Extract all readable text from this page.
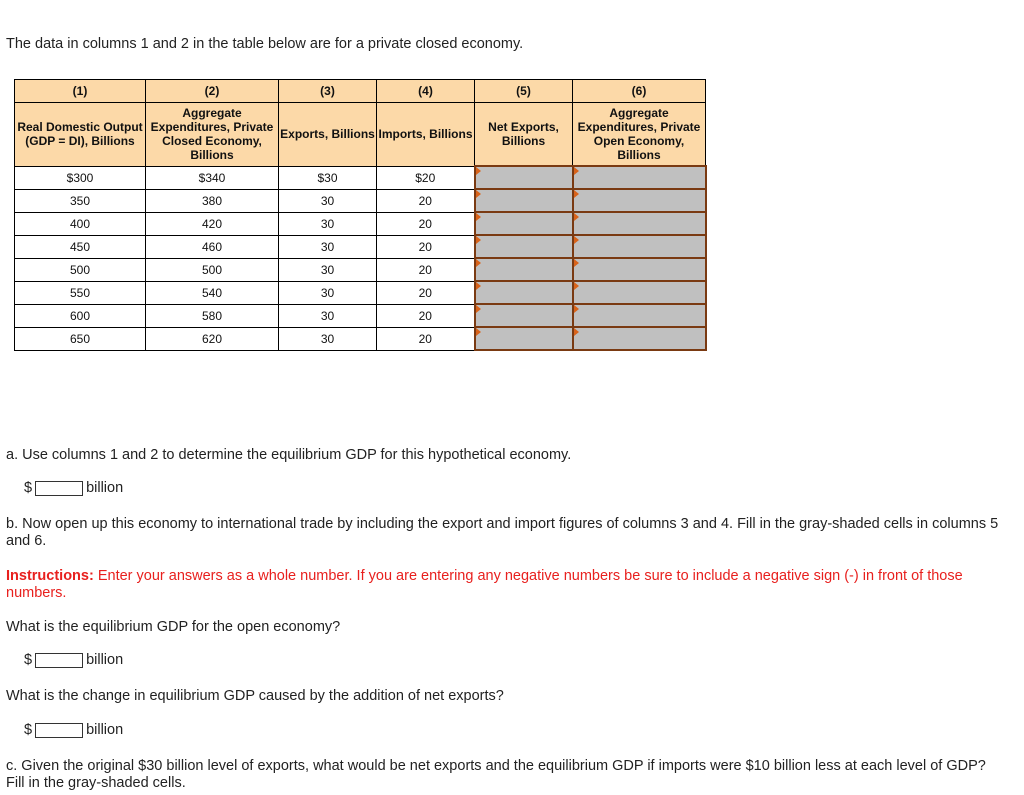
The data in columns 1 and 2 in the table below are for a private closed economy.
(1)	(2)	(3)	(4)	(5)	(6)
Real Domestic Output (GDP = DI), Billions	Aggregate Expenditures, Private Closed Economy, Billions	Exports, Billions	Imports, Billions	Net Exports, Billions	Aggregate Expenditures, Private Open Economy, Billions
$300	$340	$30	$20		
350	380	30	20		
400	420	30	20		
450	460	30	20		
500	500	30	20		
550	540	30	20		
600	580	30	20		
650	620	30	20		
a. Use columns 1 and 2 to determine the equilibrium GDP for this hypothetical economy.
$	billion
b. Now open up this economy to international trade by including the export and import figures of columns 3 and 4. Fill in the gray-shaded cells in columns 5 and 6.
Instructions: Enter your answers as a whole number. If you are entering any negative numbers be sure to include a negative sign (-) in front of those numbers.
What is the equilibrium GDP for the open economy?
$	billion
What is the change in equilibrium GDP caused by the addition of net exports?
$	billion
c. Given the original $30 billion level of exports, what would be net exports and the equilibrium GDP if imports were $10 billion less at each level of GDP? Fill in the gray-shaded cells.
